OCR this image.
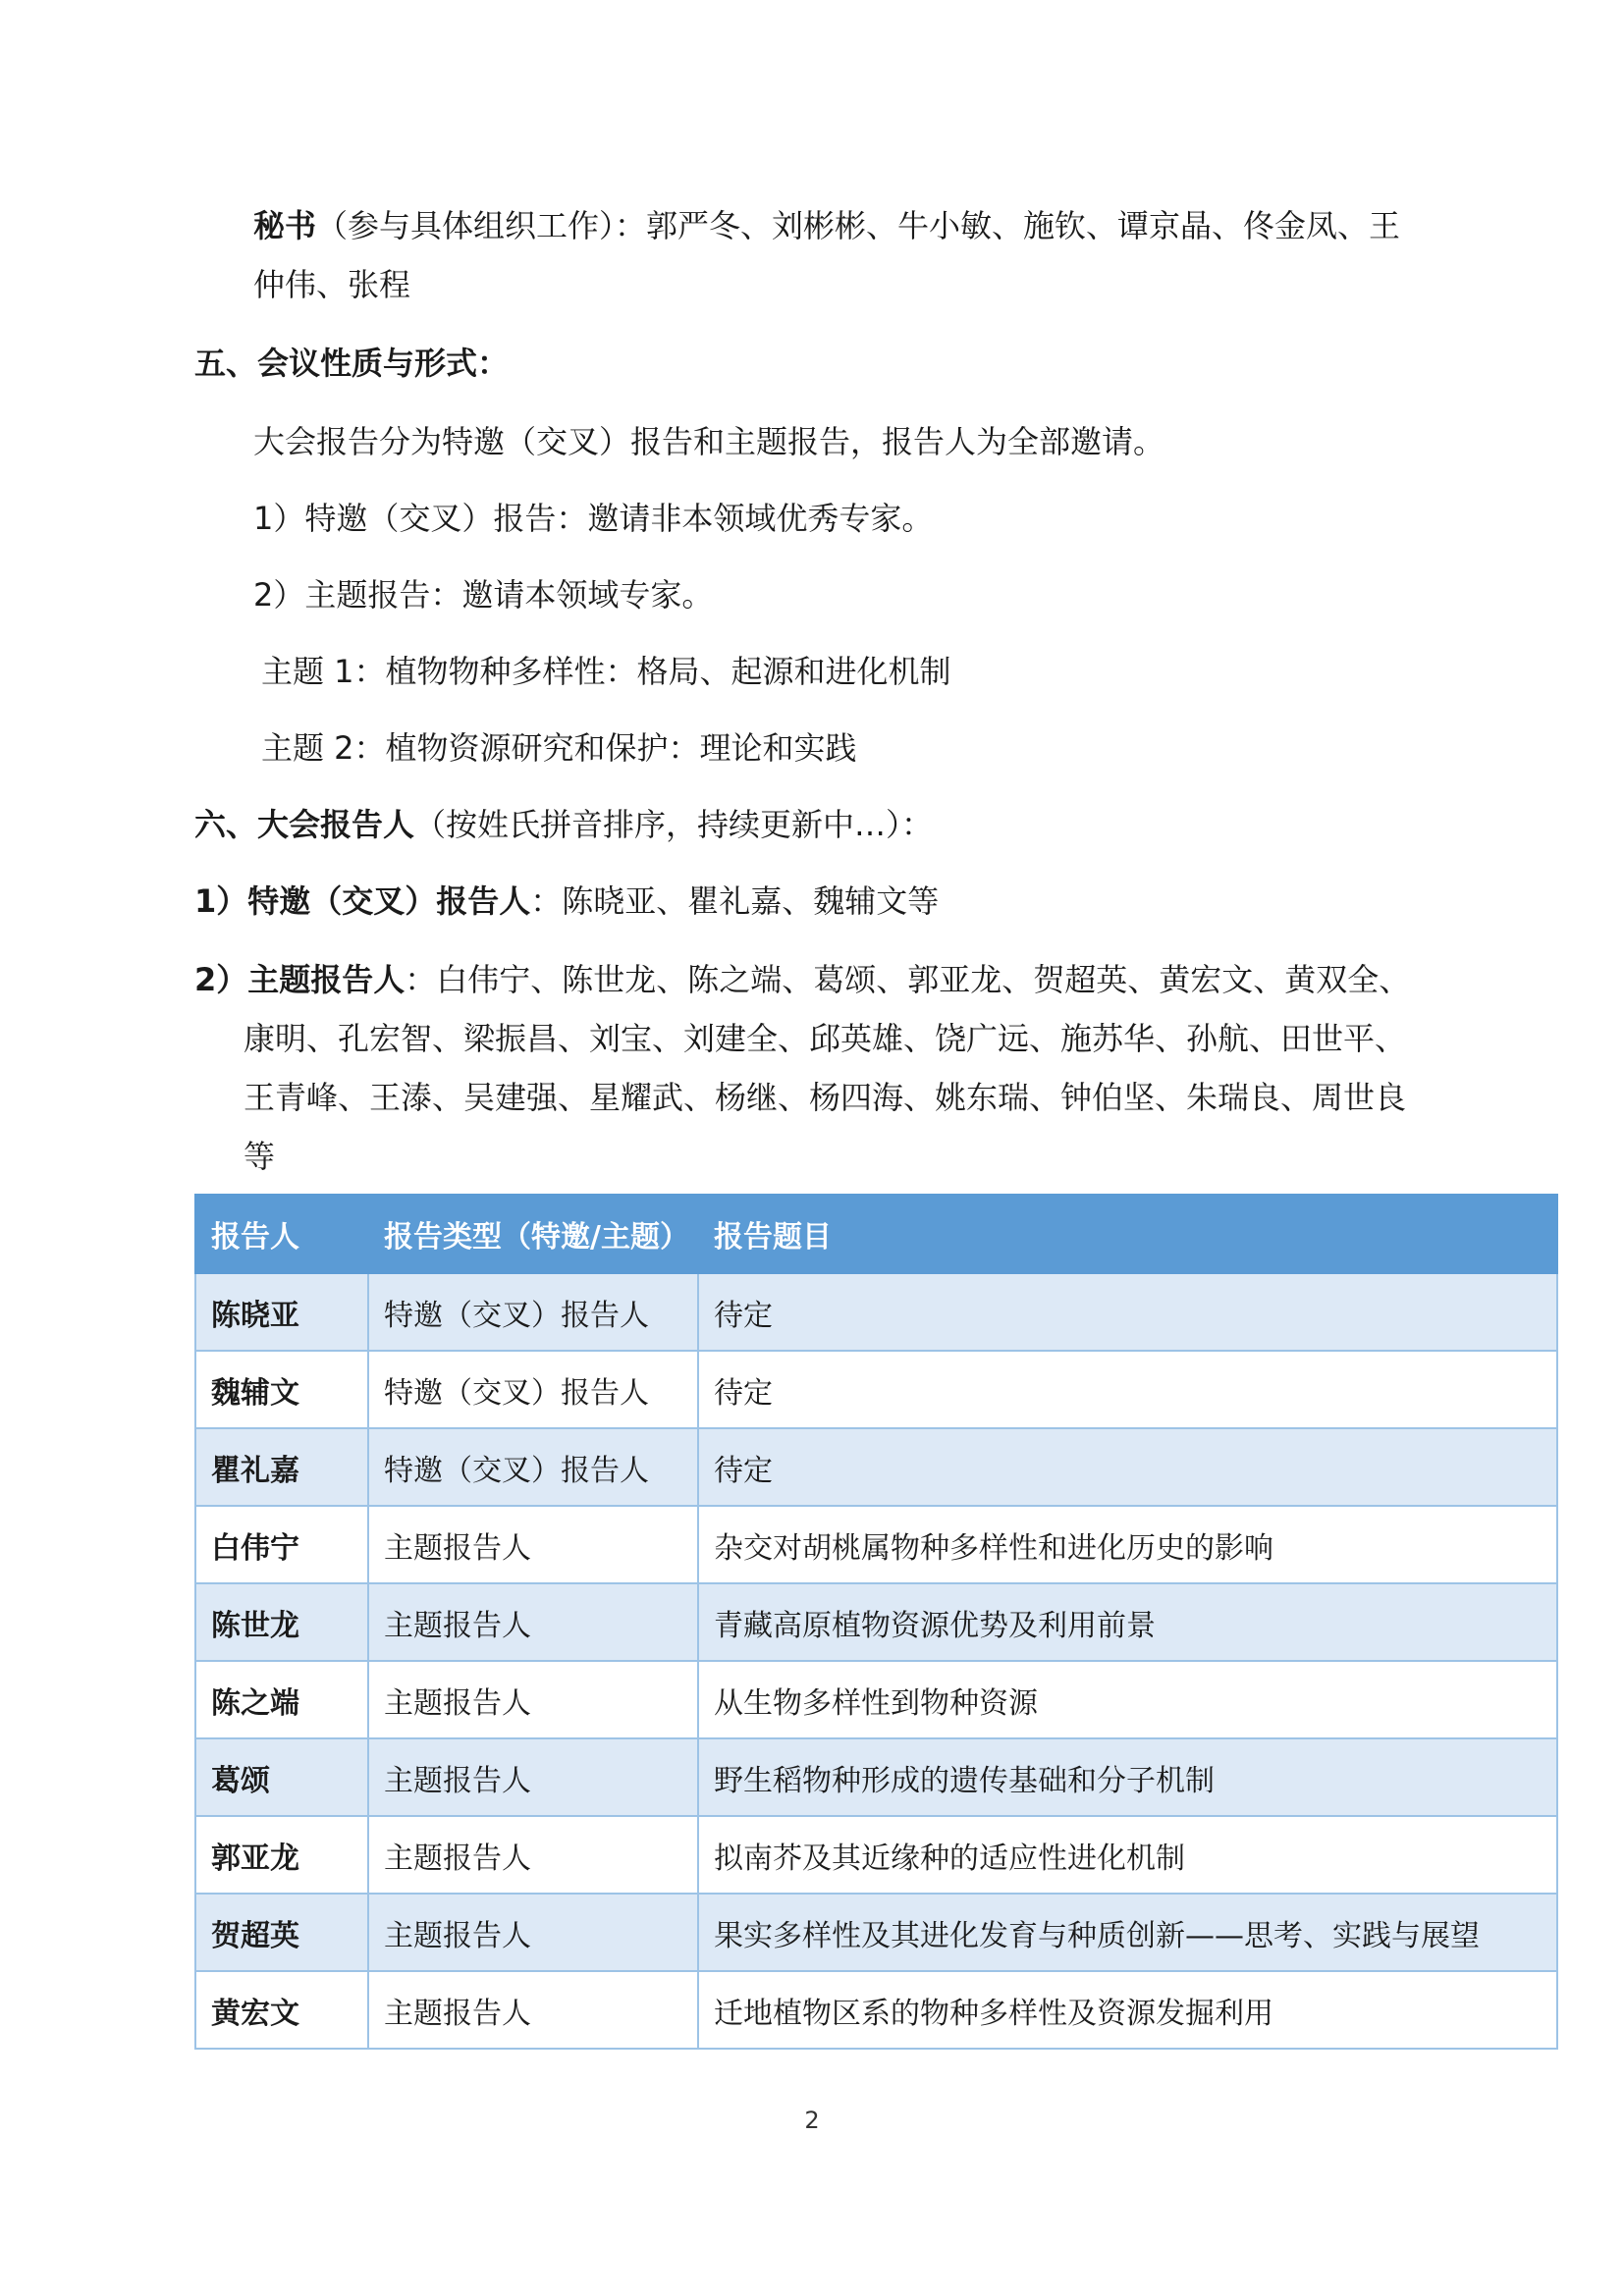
秘书（参与具体组织工作）：郭严冬、刘彬彬、牛小敏、施钦、谭京晶、佟金凤、王
仲伟、张程
五、会议性质与形式：
大会报告分为特邀（交叉）报告和主题报告，报告人为全部邀请。
1）特邀（交叉）报告：邀请非本领域优秀专家。
2）主题报告：邀请本领域专家。
主题 1：植物物种多样性：格局、起源和进化机制
主题 2：植物资源研究和保护：理论和实践
六、大会报告人（按姓氏拼音排序，持续更新中…）：
1）特邀（交叉）报告人：陈晓亚、瞿礼嘉、魏辅文等
2）主题报告人：白伟宁、陈世龙、陈之端、葛颂、郭亚龙、贺超英、黄宏文、黄双全、
康明、孔宏智、梁振昌、刘宝、刘建全、邱英雄、饶广远、施苏华、孙航、田世平、
王青峰、王溙、吴建强、星耀武、杨继、杨四海、姚东瑞、钟伯坚、朱瑞良、周世良
等
报告人	报告类型（特邀/主题）	报告题目
陈晓亚	特邀（交叉）报告人	待定
魏辅文	特邀（交叉）报告人	待定
瞿礼嘉	特邀（交叉）报告人	待定
白伟宁	主题报告人	杂交对胡桃属物种多样性和进化历史的影响
陈世龙	主题报告人	青藏高原植物资源优势及利用前景
陈之端	主题报告人	从生物多样性到物种资源
葛颂	主题报告人	野生稻物种形成的遗传基础和分子机制
郭亚龙	主题报告人	拟南芥及其近缘种的适应性进化机制
贺超英	主题报告人	果实多样性及其进化发育与种质创新——思考、实践与展望
黄宏文	主题报告人	迁地植物区系的物种多样性及资源发掘利用
2
